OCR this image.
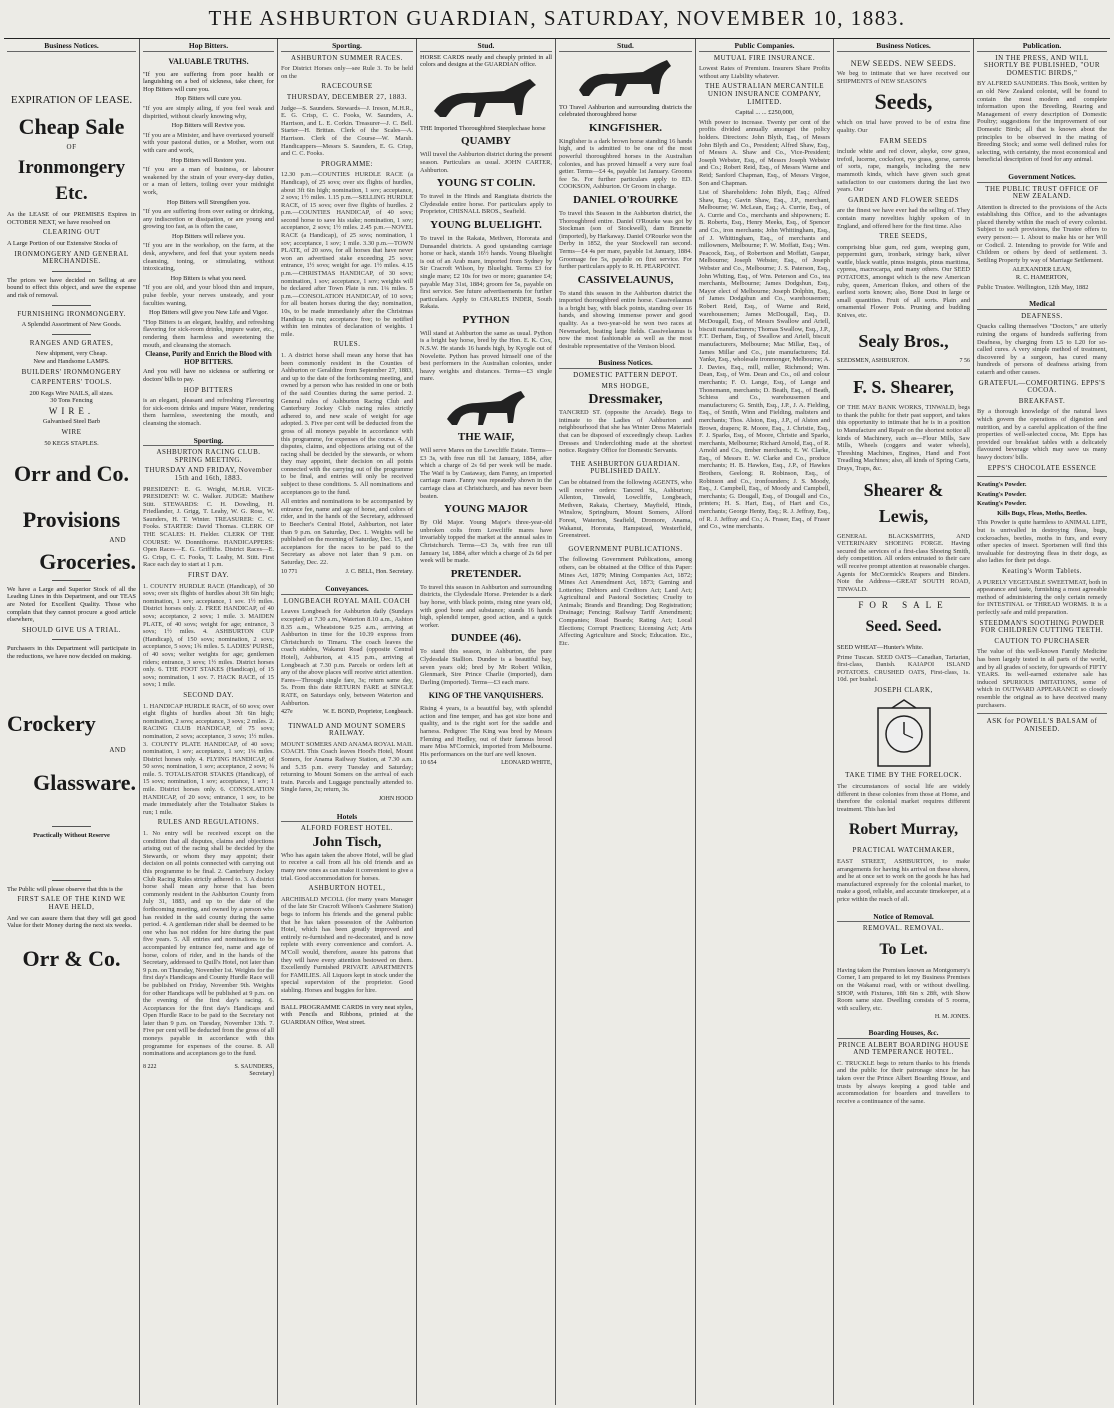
THE ASHBURTON GUARDIAN, SATURDAY, NOVEMBER 10, 1883.
Business Notices.
EXPIRATION OF LEASE.
Cheap Sale
OF
Ironmongery Etc.
As the LEASE of our PREMISES Expires in OCTOBER NEXT, we have resolved on
CLEARING OUT
A Large Portion of our Extensive Stocks of
IRONMONGERY AND GENERAL MERCHANDISE.
The prices we have decided on Selling at are bound to effect this object, and save the expense and risk of removal.
FURNISHING IRONMONGERY.
A Splendid Assortment of New Goods.
RANGES AND GRATES,
New shipment, very Cheap.
New and Handsome LAMPS.
BUILDERS' IRONMONGERY
CARPENTERS' TOOLS.
200 Kegs Wire NAILS, all sizes.
30 Tons Fencing
WIRE.
Galvanised Steel Barb
WIRE
50 KEGS STAPLES.
Orr and Co.
Provisions
AND
Groceries.
We have a Large and Superior Stock of all the Leading Lines in this Department, and our TEAS are Noted for Excellent Quality. Those who complain that they cannot procure a good article elsewhere,
SHOULD GIVE US A TRIAL.
Purchasers in this Department will participate in the reductions, we have now decided on making.
Crockery
AND
Glassware.
Practically Without Reserve
The Public will please observe that this is the
FIRST SALE OF THE KIND WE HAVE HELD,
And we can assure them that they will get good Value for their Money during the next six weeks.
Orr & Co.
Hop Bitters.
VALUABLE TRUTHS.
"If you are suffering from poor health or languishing on a bed of sickness, take cheer, for Hop Bitters will cure you.
Hop Bitters will cure you.
"If you are simply ailing, if you feel weak and dispirited, without clearly knowing why,
Hop Bitters will Revive you.
"If you are a Minister, and have overtaxed yourself with your pastoral duties, or a Mother, worn out with care and work,
Hop Bitters will Restore you.
"If you are a man of business, or labourer weakened by the strain of your every-day duties, or a man of letters, toiling over your midnight work,
Hop Bitters will Strengthen you.
"If you are suffering from over eating or drinking, any indiscretion or dissipation, or are young and growing too fast, as is often the case,
Hop Bitters will relieve you.
"If you are in the workshop, on the farm, at the desk, anywhere, and feel that your system needs cleansing, toning, or stimulating, without intoxicating,
Hop Bitters is what you need.
"If you are old, and your blood thin and impure, pulse feeble, your nerves unsteady, and your faculties waning,
Hop Bitters will give you New Life and Vigor.
"Hop Bitters is an elegant, healthy, and refreshing flavoring for sick-room drinks, impure water, etc., rendering them harmless and sweetening the mouth, and cleansing the stomach.
Cleanse, Purify and Enrich the Blood with HOP BITTERS.
And you will have no sickness or suffering or doctors' bills to pay.
HOP BITTERS
is an elegant, pleasant and refreshing Flavouring for sick-room drinks and impure Water, rendering them harmless, sweetening the mouth, and cleansing the stomach.
Sporting.
ASHBURTON RACING CLUB. SPRING MEETING.
THURSDAY AND FRIDAY, November 15th and 16th, 1883.
PRESIDENT: E. G. Wright, M.H.R. VICE-PRESIDENT: W. C. Walker. JUDGE: Matthew Stitt. STEWARDS: C. H. Dowding, H. Friedlander, J. Grigg, T. Leahy, W. G. Ross, W. Saunders, H. T. Winter. TREASURER: C. C. Fooks. STARTER: David Thomas. CLERK OF THE SCALES: H. Fielder. CLERK OF THE COURSE: W. Donnithorne. HANDICAPPERS: Open Races—E. G. Griffiths. District Races—E. G. Crisp, C. C. Fooks, T. Leahy, M. Stitt. First Race each day to start at 1 p.m.
FIRST DAY.
1. COUNTY HURDLE RACE (Handicap), of 30 sovs; over six flights of hurdles about 3ft 6in high; nomination, 1 sov; acceptance, 1 sov. 1½ miles. District horses only. 2. FREE HANDICAP, of 40 sovs; acceptance, 2 sovs; 1 mile. 3. MAIDEN PLATE, of 40 sovs; weight for age; entrance, 3 sovs; 1½ miles. 4. ASHBURTON CUP (Handicap), of 150 sovs; nomination, 2 sovs; acceptance, 5 sovs; 1¾ miles. 5. LADIES' PURSE, of 40 sovs; welter weights for age; gentlemen riders; entrance, 3 sovs; 1½ miles. District horses only. 6. THE FOOT STAKES (Handicap), of 15 sovs; nomination, 1 sov. 7. HACK RACE, of 15 sovs; 1 mile.
SECOND DAY.
1. HANDICAP HURDLE RACE, of 60 sovs; over eight flights of hurdles about 3ft 6in high; nomination, 2 sovs; acceptance, 3 sovs; 2 miles. 2. RACING CLUB HANDICAP, of 75 sovs; nomination, 2 sovs; acceptance, 3 sovs; 1½ miles. 3. COUNTY PLATE HANDICAP, of 40 sovs; nomination, 1 sov; acceptance, 1 sov; 1¼ miles. District horses only. 4. FLYING HANDICAP, of 50 sovs; nomination, 1 sov; acceptance, 2 sovs; ¾ mile. 5. TOTALISATOR STAKES (Handicap), of 15 sovs; nomination, 1 sov; acceptance, 1 sov; 1 mile. District horses only. 6. CONSOLATION HANDICAP, of 20 sovs; entrance, 1 sov, to be made immediately after the Totalisator Stakes is run; 1 mile.
RULES AND REGULATIONS.
1. No entry will be received except on the condition that all disputes, claims and objections arising out of the racing shall be decided by the Stewards, or whom they may appoint; their decision on all points connected with carrying out this programme to be final. 2. Canterbury Jockey Club Racing Rules strictly adhered to. 3. A district horse shall mean any horse that has been commonly resident in the Ashburton County from July 31, 1883, and up to the date of the forthcoming meeting, and owned by a person who has resided in the said county during the same period. 4. A gentleman rider shall be deemed to be one who has not ridden for hire during the past five years. 5. All entries and nominations to be accompanied by entrance fee, name and age of horse, colors of rider, and in the hands of the Secretary, addressed to Quill's Hotel, not later than 9 p.m. on Thursday, November 1st. Weights for the first day's Handicaps and County Hurdle Race will be published on Friday, November 9th. Weights for other Handicaps will be published at 9 p.m. on the evening of the first day's racing. 6. Acceptances for the first day's Handicaps and Open Hurdle Race to be paid to the Secretary not later than 9 p.m. on Tuesday, November 13th. 7. Five per cent will be deducted from the gross of all moneys payable in accordance with this programme for expenses of the course. 8. All nominations and acceptances go to the fund.
8 222	S. SAUNDERS,
Secretary]
Sporting.
ASHBURTON SUMMER RACES.
For District Horses only—see Rule 3. To be held on the
RACECOURSE
THURSDAY, DECEMBER 27, 1883.
Judge—S. Saunders. Stewards—J. Ireson, M.H.R., E. G. Crisp, C. C. Fooks, W. Saunders, A. Harrison, and L. E. Corkin. Treasurer—J. C. Bell. Starter—H. Brittan. Clerk of the Scales—A. Harrison. Clerk of the Course—W. Marsh. Handicappers—Messrs S. Saunders, E. G. Crisp, and C. C. Fooks.
PROGRAMME:
12.30 p.m.—COUNTIES HURDLE RACE (a Handicap), of 25 sovs; over six flights of hurdles, about 3ft 6in high; nomination, 1 sov; acceptance, 2 sovs; 1½ miles. 1.15 p.m.—SELLING HURDLE RACE, of 15 sovs; over five flights of hurdles. 2 p.m.—COUNTIES HANDICAP, of 40 sovs; second horse to save his stake; nomination, 1 sov; acceptance, 2 sovs; 1½ miles. 2.45 p.m.—NOVEL RACE (a Handicap), of 25 sovs; nomination, 1 sov; acceptance, 1 sov; 1 mile. 3.30 p.m.—TOWN PLATE, of 20 sovs, for all horses that have never won an advertised stake exceeding 25 sovs; entrance, 1½ sovs; weight for age. 1½ miles. 4.15 p.m.—CHRISTMAS HANDICAP, of 30 sovs; nomination, 1 sov; acceptance, 1 sov; weights will be declared after Town Plate is run. 1¼ miles. 5 p.m.—CONSOLATION HANDICAP, of 10 sovs; for all beaten horses during the day; nomination, 10s, to be made immediately after the Christmas Handicap is run; acceptance free; to be notified within ten minutes of declaration of weights. 1 mile.
RULES.
1. A district horse shall mean any horse that has been commonly resident in the Counties of Ashburton or Geraldine from September 27, 1883, and up to the date of the forthcoming meeting, and owned by a person who has resided in one or both of the said Counties during the same period. 2. General rules of Ashburton Racing Club and Canterbury Jockey Club racing rules strictly adhered to, and new scale of weight for age adopted. 3. Five per cent will be deducted from the gross of all moneys payable in accordance with this programme, for expenses of the course. 4. All disputes, claims, and objections arising out of the racing shall be decided by the stewards, or whom they may appoint, their decision on all points connected with the carrying out of the programme to be final, and entries will only be received subject to these conditions. 5. All nominations and acceptances go to the fund.
All entries and nominations to be accompanied by entrance fee, name and age of horse, and colors of rider, and in the hands of the Secretary, addressed to Beecher's Central Hotel, Ashburton, not later than 9 p.m. on Saturday, Dec. 1. Weights will be published on the morning of Saturday, Dec. 15, and acceptances for the races to be paid to the Secretary as above not later than 9 p.m. on Saturday, Dec. 22.
10 771	J. C. BELL, Hon. Secretary.
Conveyances.
LONGBEACH ROYAL MAIL COACH
Leaves Longbeach for Ashburton daily (Sundays excepted) at 7.30 a.m., Waterton 8.10 a.m., Ashton 8.35 a.m., Wheatstone 9.25 a.m., arriving at Ashburton in time for the 10.39 express from Christchurch to Timaru. The coach leaves the coach stables, Wakanui Road (opposite Central Hotel), Ashburton, at 4.15 p.m., arriving at Longbeach at 7.30 p.m. Parcels or orders left at any of the above places will receive strict attention. Fares—Through single fare, 3s; return same day, 5s. From this date RETURN FARE at SINGLE RATE, on Saturdays only, between Waterton and Ashburton.
427e	W. E. BOND, Proprietor, Longbeach.
TINWALD AND MOUNT SOMERS RAILWAY.
MOUNT SOMERS AND ANAMA ROYAL MAIL COACH. This Coach leaves Hood's Hotel, Mount Somers, for Anama Railway Station, at 7.30 a.m. and 5.35 p.m. every Tuesday and Saturday; returning to Mount Somers on the arrival of each train. Parcels and Luggage punctually attended to. Single fares, 2s; return, 3s.
JOHN HOOD
Hotels
ALFORD FOREST HOTEL.
John Tisch,
Who has again taken the above Hotel, will be glad to receive a call from all his old friends and as many new ones as can make it convenient to give a trial. Good accommodation for horses.
ASHBURTON HOTEL,
ARCHIBALD M'COLL (for many years Manager of the late Sir Cracroft Wilson's Cashmere Station) begs to inform his friends and the general public that he has taken possession of the Ashburton Hotel, which has been greatly improved and entirely re-furnished and re-decorated, and is now replete with every convenience and comfort. A. M'Coll would, therefore, assure his patrons that they will have every attention bestowed on them. Excellently Furnished PRIVATE APARTMENTS for FAMILIES. All Liquors kept in stock under the special supervision of the proprietor. Good stabling. Horses and buggies for hire.
BALL PROGRAMME CARDS in very neat styles, with Pencils and Ribbons, printed at the GUARDIAN Office, West street.
Stud.
HORSE CARDS neatly and cheaply printed in all colors and designs at the GUARDIAN office.
THE Imported Thoroughbred Steeplechase horse
QUAMBY
Will travel the Ashburton district during the present season. Particulars as usual. JOHN CARTER, Ashburton.
YOUNG ST COLIN.
To travel in the Hinds and Rangitata districts the Clydesdale entire horse. For particulars apply to Proprietor, CHISNALL BROS., Seafield.
YOUNG BLUELIGHT.
To travel in the Rakaia, Methven, Hororata and Dunsandel districts. A good upstanding carriage horse or hack, stands 16½ hands. Young Bluelight is out of an Arab mare, imported from Sydney by Sir Cracroft Wilson, by Bluelight. Terms £3 for single mare; £2 10s for two or more; guarantee £4; payable May 31st, 1884; groom fee 5s, payable on first service. See future advertisements for further particulars. Apply to CHARLES INDER, South Rakaia.
PYTHON
Will stand at Ashburton the same as usual. Python is a bright bay horse, bred by the Hon. E. K. Cox, N.S.W. He stands 16 hands high, by Kyogle out of Novelette. Python has proved himself one of the best performers in the Australian colonies, under heavy weights and distances. Terms—£3 single mare.
THE WAIF,
Will serve Mares on the Lowcliffe Estate. Terms—£3 3s, with free run till 1st January, 1884, after which a charge of 2s 6d per week will be made. The Waif is by Castaway, dam Fanny, an imported carriage mare. Fanny was repeatedly shown in the carriage class at Christchurch, and has never been beaten.
YOUNG MAJOR
By Old Major. Young Major's three-year-old unbroken colts from Lowcliffe mares have invariably topped the market at the annual sales in Christchurch. Terms—£3 3s, with free run till January 1st, 1884, after which a charge of 2s 6d per week will be made.
PRETENDER.
To travel this season in Ashburton and surrounding districts, the Clydesdale Horse. Pretender is a dark bay horse, with black points, rising nine years old, with good bone and substance; stands 16 hands high, splendid temper, good action, and a quick worker.
DUNDEE (46).
To stand this season, in Ashburton, the pure Clydesdale Stallion. Dundee is a beautiful bay, seven years old; bred by Mr Robert Wilkin, Glenmark, Sire Prince Charlie (imported), dam Darling (imported). Terms—£3 each mare.
KING OF THE VANQUISHERS.
Rising 4 years, is a beautiful bay, with splendid action and fine temper, and has got size bone and quality, and is the right sort for the saddle and harness. Pedigree: The King was bred by Messrs Fleming and Hedley, out of their famous brood mare Miss M'Cormick, imported from Melbourne. His performances on the turf are well known.
10 654	LEONARD WHITE,
Stud.
TO Travel Ashburton and surrounding districts the celebrated thoroughbred horse
KINGFISHER.
Kingfisher is a dark brown horse standing 16 hands high, and is admitted to be one of the most powerful thoroughbred horses in the Australian colonies, and has proved himself a very sure foal getter. Terms—£4 4s, payable 1st January. Grooms fee 5s. For further particulars apply to ED. COOKSON, Ashburton. Or Groom in charge.
DANIEL O'ROURKE
To travel this Season in the Ashburton district, the Thoroughbred entire. Daniel O'Rourke was got by Stockman (son of Stockwell), dam Brunette (imported), by Harkaway. Daniel O'Rourke won the Derby in 1852, the year Stockwell ran second. Terms—£4 4s per mare, payable 1st January, 1884. Groomage fee 5s, payable on first service. For further particulars apply to R. H. PEARPOINT.
CASSIVELAUNUS,
To stand this season in the Ashburton district the imported thoroughbred entire horse. Cassivelaunus is a bright bay, with black points, standing over 16 hands, and showing immense power and good quality. As a two-year-old he won two races at Newmarket, beating large fields. Cassivelaunus is now the most fashionable as well as the most desirable representative of the Venison blood.
Business Notices.
DOMESTIC PATTERN DEPOT.
MRS HODGE,
Dressmaker,
TANCRED ST. (opposite the Arcade). Begs to intimate to the Ladies of Ashburton and neighbourhood that she has Winter Dress Materials that can be disposed of exceedingly cheap. Ladies Dresses and Underclothing made at the shortest notice. Registry Office for Domestic Servants.
THE ASHBURTON GUARDIAN. PUBLISHED DAILY.
Can be obtained from the following AGENTS, who will receive orders: Tancred St., Ashburton; Allenton, Tinwald, Lowcliffe, Longbeach, Methven, Rakaia, Chertsey, Mayfield, Hinds, Winslow, Springburn, Mount Somers, Alford Forest, Waterton, Seafield, Dromore, Anama, Wakanui, Hororata, Hampstead, Westerfield, Greenstreet.
GOVERNMENT PUBLICATIONS.
The following Government Publications, among others, can be obtained at the Office of this Paper: Mines Act, 1879; Mining Companies Act, 1872; Mines Act Amendment Act, 1873; Gaming and Lotteries; Debtors and Creditors Act; Land Act; Agricultural and Pastoral Societies; Cruelty to Animals; Brands and Branding; Dog Registration; Drainage; Fencing; Railway Tariff Amendment; Companies; Road Boards; Rating Act; Local Elections; Corrupt Practices; Licensing Act; Arts Affecting Agriculture and Stock; Education. Etc., Etc.
Public Companies.
MUTUAL FIRE INSURANCE.
Lowest Rates of Premium. Insurers Share Profits without any Liability whatever.
THE AUSTRALIAN MERCANTILE UNION INSURANCE COMPANY, LIMITED.
Capital ... ... £250,000,
With power to increase. Twenty per cent of the profits divided annually amongst the policy holders. Directors: John Blyth, Esq., of Messrs John Blyth and Co., President; Alfred Shaw, Esq., of Messrs A. Shaw and Co., Vice-President; Joseph Webster, Esq., of Messrs Joseph Webster and Co.; Robert Reid, Esq., of Messrs Warne and Reid; Sanford Chapman, Esq., of Messrs Virgoe, Son and Chapman.
List of Shareholders: John Blyth, Esq.; Alfred Shaw, Esq.; Gavin Shaw, Esq., J.P., merchant, Melbourne; W. McLean, Esq.; A. Currie, Esq., of A. Currie and Co., merchants and shipowners; E. B. Roberts, Esq., Henry Meeks, Esq., of Spencer and Co., iron merchants; John Whittingham, Esq., of J. Whittingham, Esq., of merchants and millowners, Melbourne; F. W. Moffatt, Esq.; Wm. Peacock, Esq., of Robertson and Moffatt, Gaspar, Melbourne; Joseph Webster, Esq., of Joseph Webster and Co., Melbourne; J. S. Paterson, Esq., John Whiting, Esq., of Wm. Peterson and Co., tea merchants, Melbourne; James Dodgshun, Esq., Mayor elect of Melbourne; Joseph Dolphin, Esq., of James Dodgshun and Co., warehousemen; Robert Reid, Esq., of Warne and Reid, warehousemen; James McDougall, Esq., D. McDougall, Esq., of Messrs Swallow and Ariell, biscuit manufacturers; Thomas Swallow, Esq., J.P., F.T. Derham, Esq., of Swallow and Ariell, biscuit manufacturers, Melbourne; Mac Millar, Esq., of James Millar and Co., jute manufacturers; Ed. Yanke, Esq., wholesale ironmonger, Melbourne; A. J. Davies, Esq., mill, miller, Richmond; Wm. Dean, Esq., of Wm. Dean and Co., oil and colour merchants; F. O. Lange, Esq., of Lange and Thonemann, merchants; D. Beath, Esq., of Beath, Schiess and Co., warehousemen and manufacturers; G. Smith, Esq., J.P., J. A. Fielding, Esq., of Smith, Winn and Fielding, maltsters and merchants; Thos. Alston, Esq., J.P., of Alston and Brown, drapers; R. Moore, Esq., J. Christie, Esq., F. J. Sparks, Esq., of Moore, Christie and Sparks, merchants, Melbourne; Richard Arnold, Esq., of R. Arnold and Co., timber merchants; E. W. Clarke, Esq., of Messrs E. W. Clarke and Co., produce merchants; H. B. Hawkes, Esq., J.P., of Hawkes Brothers, Geelong; R. Robinson, Esq., of Robinson and Co., ironfounders; J. S. Moody, Esq., J. Campbell, Esq., of Moody and Campbell, merchants; G. Dougall, Esq., of Dougall and Co., printers; H. S. Hart, Esq., of Hart and Co., merchants; George Henty, Esq.; R. J. Jeffray, Esq., of R. J. Jeffray and Co.; A. Fraser, Esq., of Fraser and Co., wine merchants.
Business Notices.
NEW SEEDS. NEW SEEDS.
We beg to intimate that we have received our SHIPMENTS of NEW SEASON'S
Seeds,
which on trial have proved to be of extra fine quality. Our
FARM SEEDS
include white and red clover, alsyke, cow grass, trefoil, lucerne, cocksfoot, rye grass, gorse, carrots of sorts, rape, mangels, including the new mammoth kinds, which have given such great satisfaction to our customers during the last two years. Our
GARDEN AND FLOWER SEEDS
are the finest we have ever had the selling of. They contain many novelties highly spoken of in England, and offered here for the first time. Also
TREE SEEDS,
comprising blue gum, red gum, weeping gum, peppermint gum, ironbark, stringy bark, silver wattle, black wattle, pinus insignis, pinus maritima, cypress, macrocarpa, and many others. Our SEED POTATOES, amongst which is the new American ruby, queen, American flukes, and others of the earliest sorts known; also, Bone Dust in large or small quantities. Fruit of all sorts. Plain and ornamental Flower Pots. Pruning and budding Knives, etc.
Sealy Bros.,
SEEDSMEN, ASHBURTON.	7 56
F. S. Shearer,
OF THE MAY BANK WORKS, TINWALD, begs to thank the public for their past support, and takes this opportunity to intimate that he is in a position to Manufacture and Repair on the shortest notice all kinds of Machinery, such as—Flour Mills, Saw Mills, Wheels (coggers and water wheels), Threshing Machines, Engines, Hand and Foot Treadling Machines; also, all kinds of Spring Carts, Drays, Traps, &c.
Shearer & Lewis,
GENERAL BLACKSMITHS, AND VETERINARY SHOEING FORGE. Having secured the services of a first-class Shoeing Smith, defy competition. All orders entrusted to their care will receive prompt attention at reasonable charges. Agents for McCormick's Reapers and Binders. Note the Address—GREAT SOUTH ROAD, TINWALD.
FOR SALE
Seed. Seed.
SEED WHEAT—Hunter's White.
Prime Tuscan. SEED OATS—Canadian, Tartarian, first-class, Danish. KAIAPOI ISLAND POTATOES. CRUSHED OATS, First-class, 1s. 10d. per bushel.
JOSEPH CLARK,
TAKE TIME BY THE FORELOCK.
The circumstances of social life are widely different in these colonies from those at Home, and therefore the colonial market requires different treatment. This has led
Robert Murray,
PRACTICAL WATCHMAKER,
EAST STREET, ASHBURTON, to make arrangements for having his arrival on these shores, and he at once set to work on the goods he has had manufactured expressly for the colonial market, to make a good, reliable, and accurate timekeeper, at a price within the reach of all.
Notice of Removal.
REMOVAL. REMOVAL.
To Let.
Having taken the Premises known as Montgomery's Corner, I am prepared to let my Business Premises on the Wakanui road, with or without dwelling. SHOP, with Fixtures, 18ft 6in x 28ft, with Show Room same size. Dwelling consists of 5 rooms, with scullery, etc.
H. M. JONES.
Boarding Houses, &c.
PRINCE ALBERT BOARDING HOUSE AND TEMPERANCE HOTEL.
C. TRUCKLE begs to return thanks to his friends and the public for their patronage since he has taken over the Prince Albert Boarding House, and trusts by always keeping a good table and accommodation for boarders and travellers to receive a continuance of the same.
Publication.
IN THE PRESS, AND WILL SHORTLY BE PUBLISHED, "OUR DOMESTIC BIRDS,"
BY ALFRED SAUNDERS. This Book, written by an old New Zealand colonist, will be found to contain the most modern and complete information upon the Breeding, Rearing and Management of every description of Domestic Poultry; suggestions for the improvement of our Domestic Birds; all that is known about the principles to be observed in the mating of Breeding Stock; and some well defined rules for selecting, with certainty, the most economical and beneficial description of food for any animal.
Government Notices.
THE PUBLIC TRUST OFFICE OF NEW ZEALAND.
Attention is directed to the provisions of the Acts establishing this Office, and to the advantages placed thereby within the reach of every colonist. Subject to such provisions, the Trustee offers to every person:— 1. About to make his or her Will or Codicil. 2. Intending to provide for Wife and Children or others by deed of settlement. 3. Settling Property by way of Marriage Settlement.
ALEXANDER LEAN,
R. C. HAMERTON,
Public Trustee. Wellington, 12th May, 1882
Medical
DEAFNESS.
Quacks calling themselves "Doctors," are utterly ruining the organs of hundreds suffering from Deafness, by charging from L5 to L20 for so-called cures. A very simple method of treatment, discovered by a surgeon, has cured many hundreds of persons of deafness arising from catarrh and other causes.
GRATEFUL—COMFORTING. EPPS'S COCOA.
BREAKFAST.
By a thorough knowledge of the natural laws which govern the operations of digestion and nutrition, and by a careful application of the fine properties of well-selected cocoa, Mr. Epps has provided our breakfast tables with a delicately flavoured beverage which may save us many heavy doctors' bills.
EPPS'S CHOCOLATE ESSENCE
Keating's Powder.
Keating's Powder.
Keating's Powder.
Kills Bugs, Fleas, Moths, Beetles.
This Powder is quite harmless to ANIMAL LIFE, but is unrivalled in destroying fleas, bugs, cockroaches, beetles, moths in furs, and every other species of insect. Sportsmen will find this invaluable for destroying fleas in their dogs, as also ladies for their pet dogs.
Keating's Worm Tablets.
A PURELY VEGETABLE SWEETMEAT, both in appearance and taste, furnishing a most agreeable method of administering the only certain remedy for INTESTINAL or THREAD WORMS. It is a perfectly safe and mild preparation.
STEEDMAN'S SOOTHING POWDER FOR CHILDREN CUTTING TEETH.
CAUTION TO PURCHASER
The value of this well-known Family Medicine has been largely tested in all parts of the world, and by all grades of society, for upwards of FIFTY YEARS. Its well-earned extensive sale has induced SPURIOUS IMITATIONS, some of which in OUTWARD APPEARANCE so closely resemble the original as to have deceived many purchasers.
ASK for POWELL'S BALSAM of ANISEED.
